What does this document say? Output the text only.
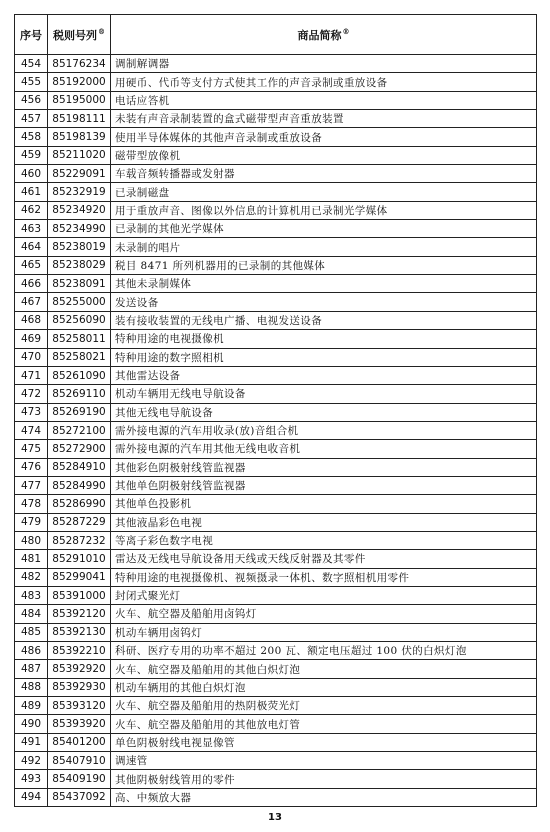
序号	税则号列®	商品简称®
454	85176234	调制解调器
455	85192000	用硬币、代币等支付方式使其工作的声音录制或重放设备
456	85195000	电话应答机
457	85198111	未装有声音录制装置的盒式磁带型声音重放装置
458	85198139	使用半导体媒体的其他声音录制或重放设备
459	85211020	磁带型放像机
460	85229091	车载音频转播器或发射器
461	85232919	已录制磁盘
462	85234920	用于重放声音、图像以外信息的计算机用已录制光学媒体
463	85234990	已录制的其他光学媒体
464	85238019	未录制的唱片
465	85238029	税目 8471 所列机器用的已录制的其他媒体
466	85238091	其他未录制媒体
467	85255000	发送设备
468	85256090	装有接收装置的无线电广播、电视发送设备
469	85258011	特种用途的电视摄像机
470	85258021	特种用途的数字照相机
471	85261090	其他雷达设备
472	85269110	机动车辆用无线电导航设备
473	85269190	其他无线电导航设备
474	85272100	需外接电源的汽车用收录(放)音组合机
475	85272900	需外接电源的汽车用其他无线电收音机
476	85284910	其他彩色阴极射线管监视器
477	85284990	其他单色阴极射线管监视器
478	85286990	其他单色投影机
479	85287229	其他液晶彩色电视
480	85287232	等离子彩色数字电视
481	85291010	雷达及无线电导航设备用天线或天线反射器及其零件
482	85299041	特种用途的电视摄像机、视频摄录一体机、数字照相机用零件
483	85391000	封闭式聚光灯
484	85392120	火车、航空器及船舶用卤钨灯
485	85392130	机动车辆用卤钨灯
486	85392210	科研、医疗专用的功率不超过 200 瓦、额定电压超过 100 伏的白炽灯泡
487	85392920	火车、航空器及船舶用的其他白炽灯泡
488	85392930	机动车辆用的其他白炽灯泡
489	85393120	火车、航空器及船舶用的热阴极荧光灯
490	85393920	火车、航空器及船舶用的其他放电灯管
491	85401200	单色阴极射线电视显像管
492	85407910	调速管
493	85409190	其他阴极射线管用的零件
494	85437092	高、中频放大器
13
